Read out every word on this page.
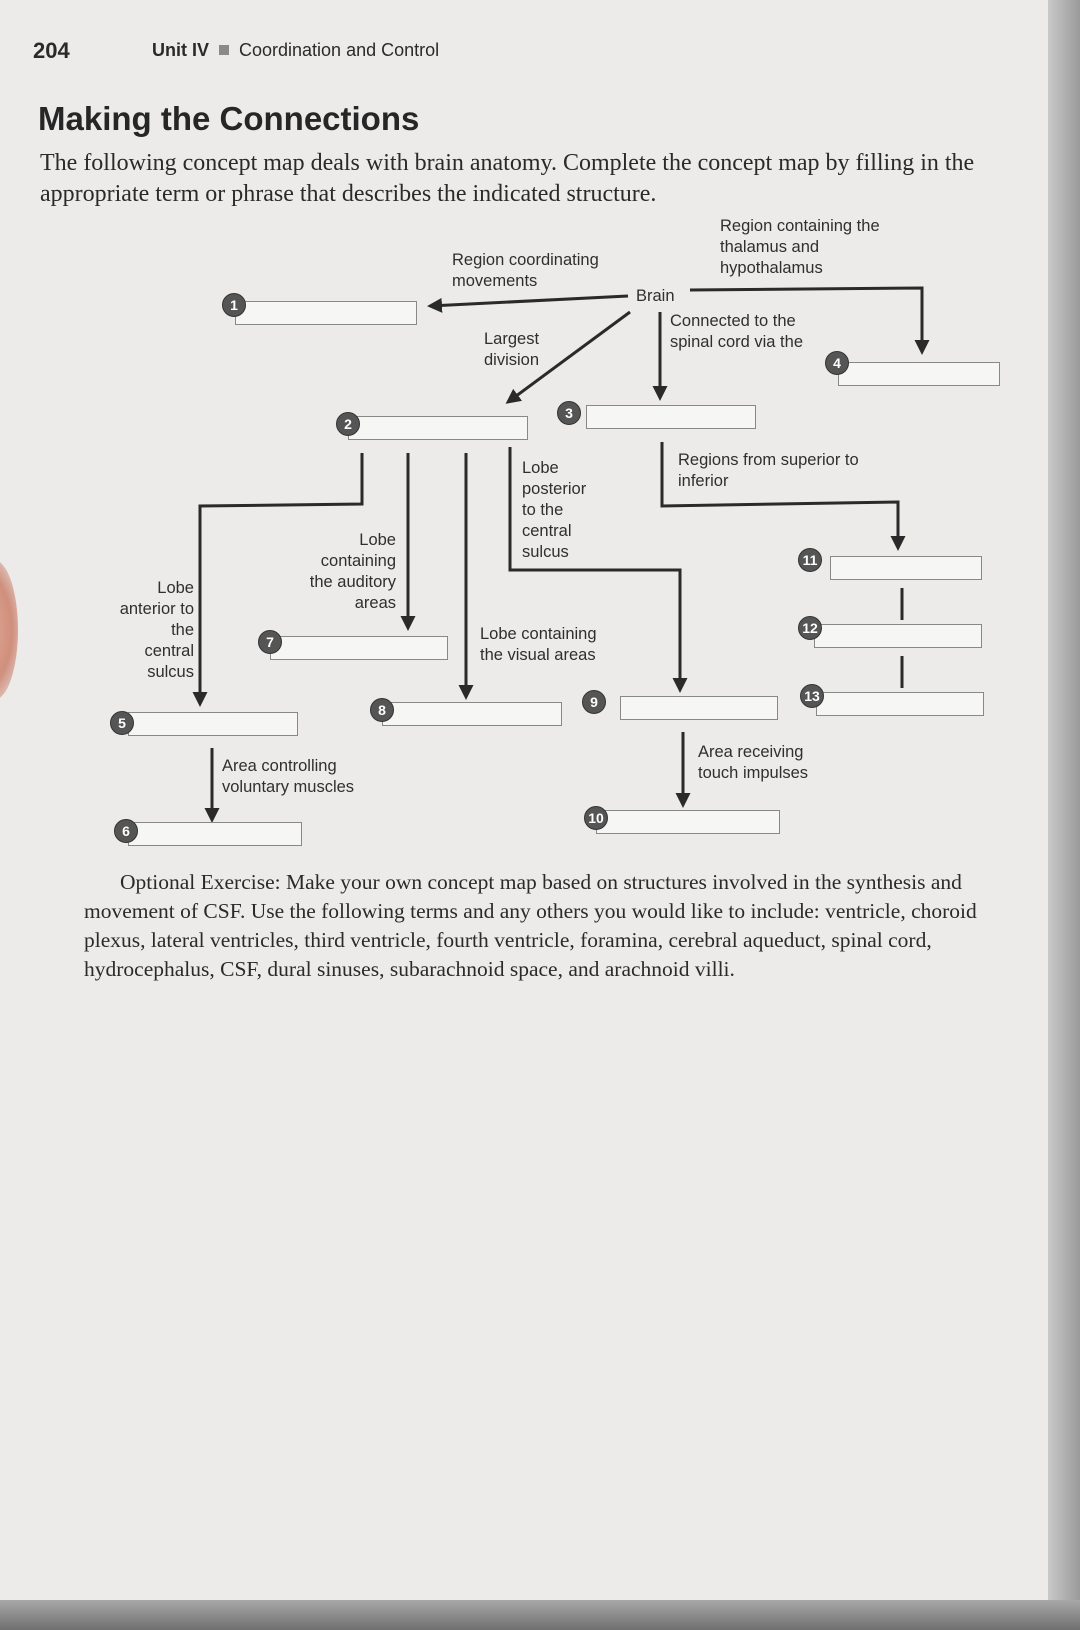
204	Unit IV Coordination and Control
Making the Connections
The following concept map deals with brain anatomy. Complete the concept map by filling in the appropriate term or phrase that describes the indicated structure.
Brain
Region coordinating movements
Largest division
Region containing the thalamus and hypothalamus
Connected to the spinal cord via the
Regions from superior to inferior
Lobe posterior to the central sulcus
Lobe containing the auditory areas
Lobe anterior to the central sulcus
Lobe containing the visual areas
Area controlling voluntary muscles
Area receiving touch impulses
1
2
3
4
5
6
7
8	9
10
11
12
13
Optional Exercise: Make your own concept map based on structures involved in the synthesis and movement of CSF. Use the following terms and any others you would like to include: ventricle, choroid plexus, lateral ventricles, third ventricle, fourth ventricle, foramina, cerebral aqueduct, spinal cord, hydrocephalus, CSF, dural sinuses, subarachnoid space, and arachnoid villi.
